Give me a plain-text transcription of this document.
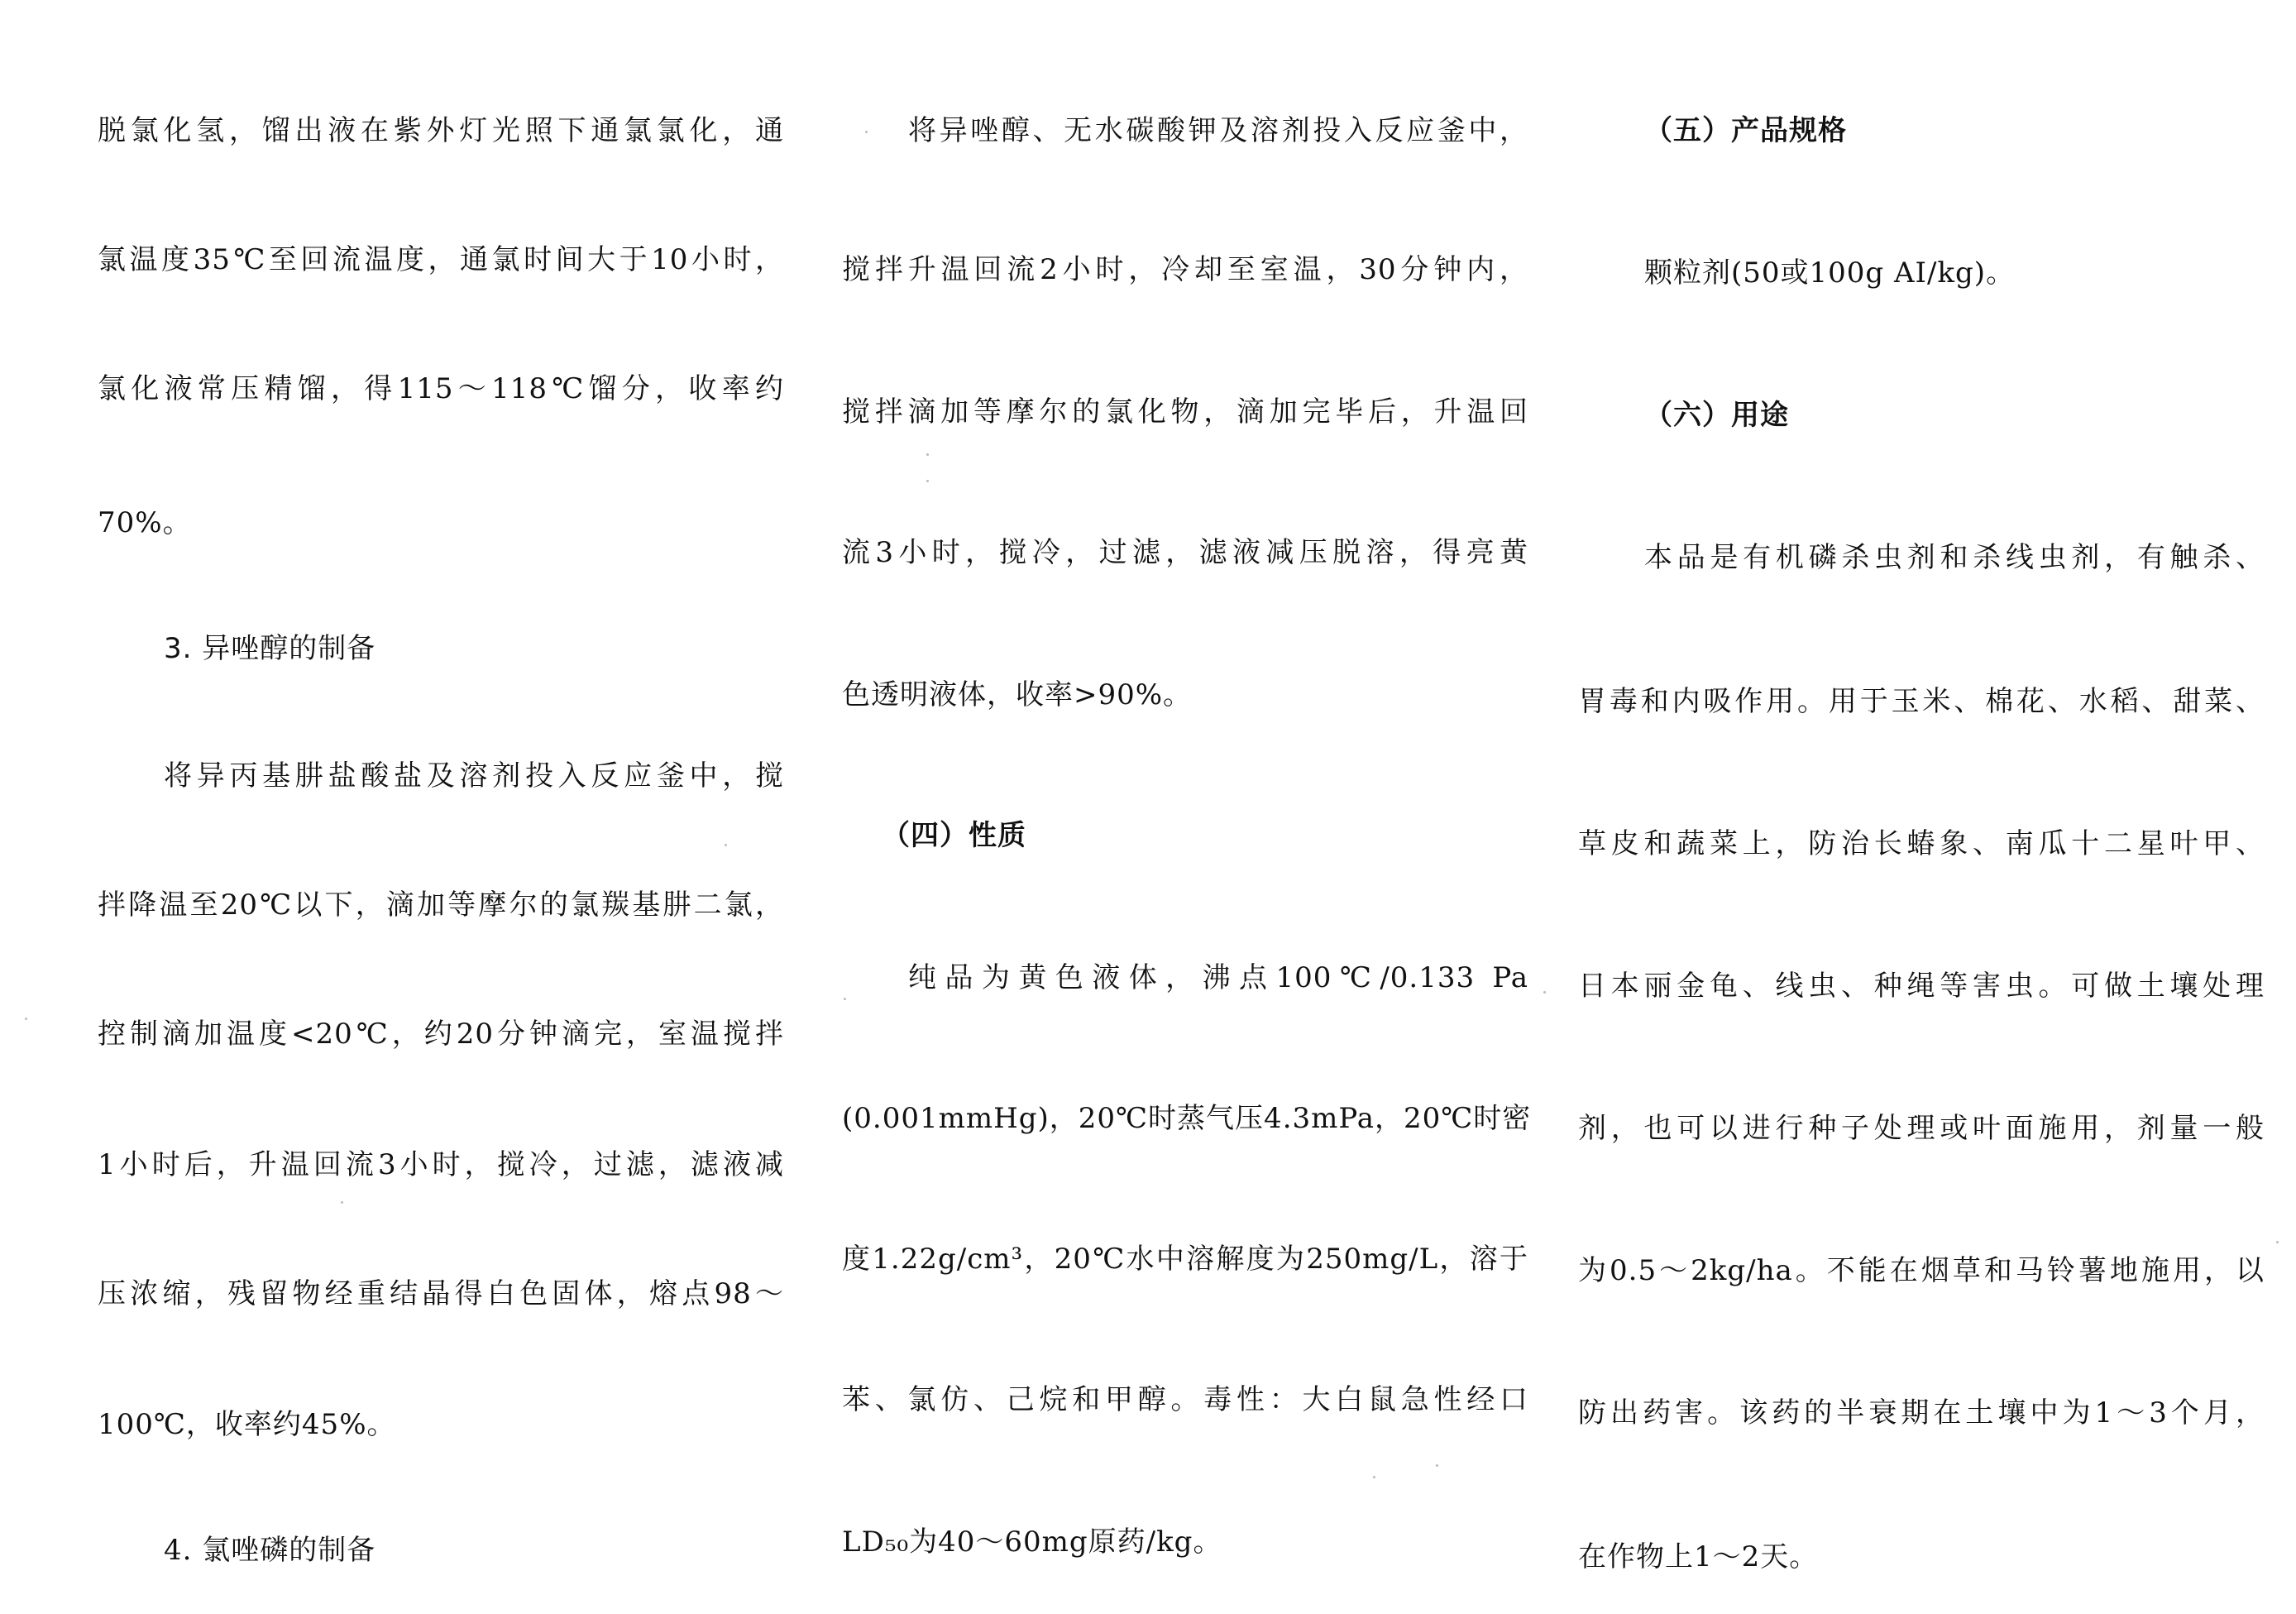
脱氯化氢，馏出液在紫外灯光照下通氯氯化，通
氯温度35℃至回流温度，通氯时间大于10小时，
氯化液常压精馏，得115～118℃馏分，收率约
70%。
3. 异唑醇的制备
将异丙基肼盐酸盐及溶剂投入反应釜中，搅
拌降温至20℃以下，滴加等摩尔的氯羰基肼二氯，
控制滴加温度<20℃，约20分钟滴完，室温搅拌
1小时后，升温回流3小时，搅冷，过滤，滤液减
压浓缩，残留物经重结晶得白色固体，熔点98～
100℃，收率约45%。
4. 氯唑磷的制备
将异唑醇、无水碳酸钾及溶剂投入反应釜中，
搅拌升温回流2小时，冷却至室温，30分钟内，
搅拌滴加等摩尔的氯化物，滴加完毕后，升温回
流3小时，搅冷，过滤，滤液减压脱溶，得亮黄
色透明液体，收率>90%。
（四）性质
纯品为黄色液体，沸点100℃/0.133 Pa
(0.001mmHg)，20℃时蒸气压4.3mPa，20℃时密
度1.22g/cm³，20℃水中溶解度为250mg/L，溶于
苯、氯仿、己烷和甲醇。毒性：大白鼠急性经口
LD₅₀为40～60mg原药/kg。
（五）产品规格
颗粒剂(50或100g AI/kg)。
（六）用途
本品是有机磷杀虫剂和杀线虫剂，有触杀、
胃毒和内吸作用。用于玉米、棉花、水稻、甜菜、
草皮和蔬菜上，防治长蝽象、南瓜十二星叶甲、
日本丽金龟、线虫、种绳等害虫。可做土壤处理
剂，也可以进行种子处理或叶面施用，剂量一般
为0.5～2kg/ha。不能在烟草和马铃薯地施用，以
防出药害。该药的半衰期在土壤中为1～3个月，
在作物上1～2天。
